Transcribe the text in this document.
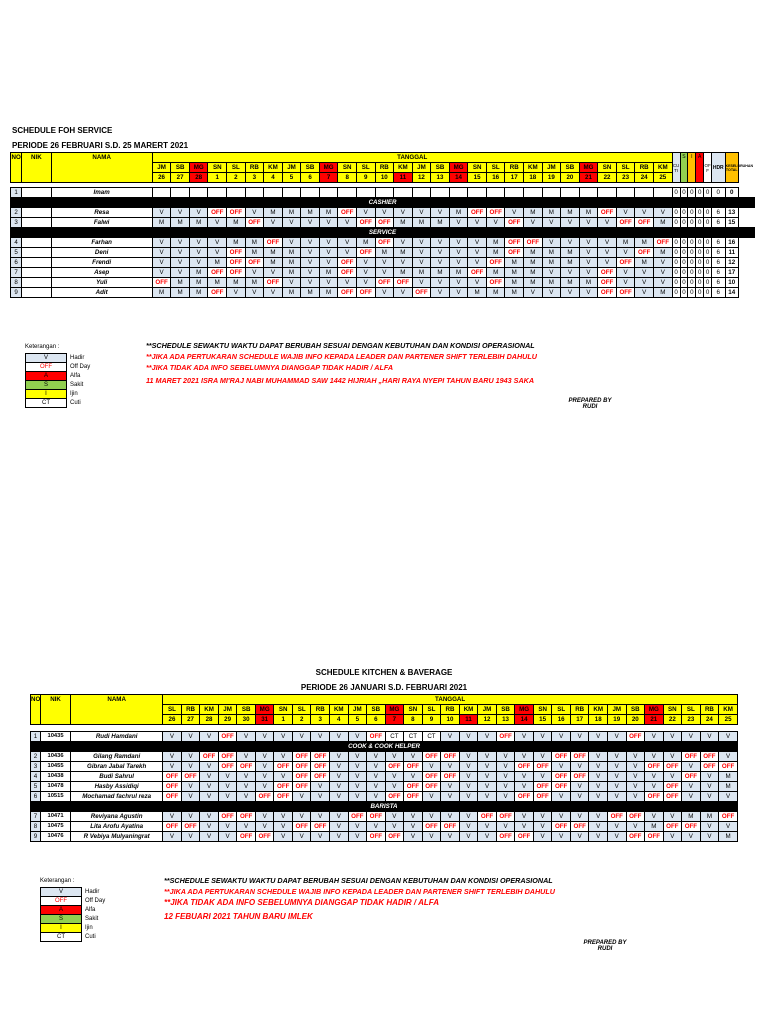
SCHEDULE FOH SERVICE
PERIODE 26 FEBRUARI S.D. 25 MARERT 2021
NO	NIK	NAMA	TANGGAL																												CUTI	S	I	A	OFF	HDR	KESELURUHAN TOTAL
			JM	SB	MG	SN	SL	RB	KM	JM	SB	MG	SN	SL	RB	KM	JM	SB	MG	SN	SL	RB	KM	JM	SB	MG	SN	SL	RB	KM							
			26	27	28	1	2	3	4	5	6	7	8	9	10	11	12	13	14	15	16	17	18	19	20	21	22	23	24	25							

1		Imam																													0	0	0	0	0	0	0
CASHIER																																					
2		Resa	V	V	V	OFF	OFF	V	M	M	M	M	OFF	V	V	V	V	V	M	OFF	OFF	V	M	M	M	M	OFF	V	V	V	0	0	0	0	0	6	13
3		Falwi	M	M	M	V	M	OFF	V	V	V	V	V	OFF	OFF	M	M	M	V	V	V	OFF	V	V	V	V	V	OFF	OFF	M	0	0	0	0	0	6	15
SERVICE																																					
4		Farhan	V	V	V	V	M	M	OFF	V	V	V	V	M	OFF	V	V	V	V	V	M	OFF	OFF	V	V	V	V	M	M	OFF	0	0	0	0	0	6	16
5		Deni	V	V	V	V	OFF	M	M	M	V	V	V	OFF	M	M	V	V	V	V	M	OFF	M	M	M	V	V	V	OFF	M	0	0	0	0	0	6	11
6		Frendi	V	V	V	M	OFF	OFF	M	M	V	V	OFF	V	V	V	V	V	V	V	OFF	M	M	M	M	V	V	OFF	M	V	0	0	0	0	0	6	12
7		Asep	V	V	M	OFF	OFF	V	V	M	V	M	OFF	V	V	M	M	M	M	OFF	M	M	M	V	V	V	OFF	V	V	V	0	0	0	0	0	6	17
8		Yuli	OFF	M	M	M	M	M	OFF	V	V	V	V	V	OFF	OFF	V	V	V	V	OFF	M	M	M	M	M	OFF	V	V	V	0	0	0	0	0	6	10
9		Adit	M	M	M	OFF	V	V	V	M	M	M	OFF	OFF	V	V	OFF	V	V	M	M	M	V	V	V	V	OFF	OFF	V	M	0	0	0	0	0	6	14
Keterangan :
V	Hadir
OFF	Off Day
A	Alfa
S	Sakit
I	Ijin
CT	Cuti
**SCHEDULE SEWAKTU WAKTU DAPAT BERUBAH SESUAI DENGAN KEBUTUHAN DAN KONDISI OPERASIONAL
**JIKA ADA PERTUKARAN SCHEDULE WAJIB INFO KEPADA LEADER DAN PARTENER SHIFT TERLEBIH DAHULU
**JIKA TIDAK ADA INFO SEBELUMNYA DIANGGAP TIDAK HADIR / ALFA
11 MARET 2021 ISRA MI'RAJ NABI MUHAMMAD SAW 1442 HIJRIAH „HARI RAYA NYEPI TAHUN BARU 1943 SAKA
PREPARED BY
RUDI
SCHEDULE KITCHEN & BAVERAGE
PERIODE 26 JANUARI S.D. FEBRUARI 2021
NO	NIK	NAMA	TANGGAL																														
			SL	RB	KM	JM	SB	MG	SN	SL	RB	KM	JM	SB	MG	SN	SL	RB	KM	JM	SB	MG	SN	SL	RB	KM	JM	SB	MG	SN	SL	RB	KM
			26	27	28	29	30	31	1	2	3	4	5	6	7	8	9	10	11	12	13	14	15	16	17	18	19	20	21	22	23	24	25

1	10435	Rudi Hamdani	V	V	V	OFF	V	V	V	V	V	V	V	OFF	CT	CT	CT	V	V	V	OFF	V	V	V	V	V	V	OFF	V	V	V	V	V
COOK & COOK HELPER																																	
2	10436	Gilang Ramdani	V	V	OFF	OFF	V	V	V	OFF	OFF	V	V	V	V	V	OFF	OFF	V	V	V	V	V	OFF	OFF	V	V	V	V	V	OFF	OFF	V
3	10455	Gibran Jabal Tarekh	V	V	V	OFF	OFF	V	OFF	OFF	OFF	V	V	V	OFF	OFF	V	V	V	V	V	OFF	OFF	V	V	V	V	V	OFF	OFF	V	OFF	OFF
4	10438	Budi Sahrul	OFF	OFF	V	V	V	V	V	OFF	OFF	V	V	V	V	V	OFF	OFF	V	V	V	V	V	OFF	OFF	V	V	V	V	V	OFF	V	M
5	10478	Hasby Assidiqi	OFF	V	V	V	V	V	OFF	OFF	V	V	V	V	V	OFF	OFF	V	V	V	V	V	OFF	OFF	V	V	V	V	V	OFF	V	V	M
6	10515	Mochamad fachrul reza	OFF	V	V	V	V	OFF	OFF	V	V	V	V	V	OFF	OFF	V	V	V	V	V	OFF	OFF	V	V	V	V	V	OFF	OFF	V	V	V
BARISTA																																	
7	10471	Reviyana Agustin	V	V	V	OFF	OFF	V	V	V	V	V	OFF	OFF	V	V	V	V	V	OFF	OFF	V	V	V	V	V	OFF	OFF	V	V	M	M	OFF
8	10475	Lita Arofu Ayatina	OFF	OFF	V	V	V	V	V	OFF	OFF	V	V	V	V	V	OFF	OFF	V	V	V	V	V	OFF	OFF	V	V	V	M	OFF	OFF	V	V
9	10476	R Vebiya Mulyaningrat	V	V	V	V	OFF	OFF	V	V	V	V	V	OFF	OFF	V	V	V	V	V	OFF	OFF	V	V	V	V	V	OFF	OFF	V	V	V	M
Keterangan :
V	Hadir
OFF	Off Day
A	Alfa
S	Sakit
I	Ijin
CT	Cuti
**SCHEDULE SEWAKTU WAKTU DAPAT BERUBAH SESUAI DENGAN KEBUTUHAN DAN KONDISI OPERASIONAL
**JIKA ADA PERTUKARAN SCHEDULE WAJIB INFO KEPADA LEADER DAN PARTENER SHIFT TERLEBIH DAHULU
**JIKA TIDAK ADA INFO SEBELUMNYA DIANGGAP TIDAK HADIR / ALFA
12 FEBUARI 2021 TAHUN BARU IMLEK
PREPARED BY
RUDI
